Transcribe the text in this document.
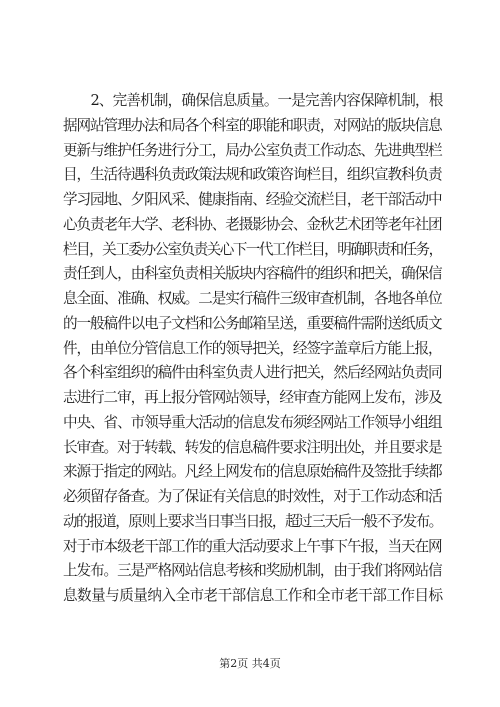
　　2、完善机制，确保信息质量。一是完善内容保障机制，根
据网站管理办法和局各个科室的职能和职责，对网站的版块信息
更新与维护任务进行分工，局办公室负责工作动态、先进典型栏
目，生活待遇科负责政策法规和政策咨询栏目，组织宣教科负责
学习园地、夕阳风采、健康指南、经验交流栏目，老干部活动中
心负责老年大学、老科协、老摄影协会、金秋艺术团等老年社团
栏目，关工委办公室负责关心下一代工作栏目，明确职责和任务，
责任到人，由科室负责相关版块内容稿件的组织和把关，确保信
息全面、准确、权威。二是实行稿件三级审查机制，各地各单位
的一般稿件以电子文档和公务邮箱呈送，重要稿件需附送纸质文
件，由单位分管信息工作的领导把关，经签字盖章后方能上报，
各个科室组织的稿件由科室负责人进行把关，然后经网站负责同
志进行二审，再上报分管网站领导，经审查方能网上发布，涉及
中央、省、市领导重大活动的信息发布须经网站工作领导小组组
长审查。对于转载、转发的信息稿件要求注明出处，并且要求是
来源于指定的网站。凡经上网发布的信息原始稿件及签批手续都
必须留存备查。为了保证有关信息的时效性，对于工作动态和活
动的报道，原则上要求当日事当日报，超过三天后一般不予发布。
对于市本级老干部工作的重大活动要求上午事下午报，当天在网
上发布。三是严格网站信息考核和奖励机制，由于我们将网站信
息数量与质量纳入全市老干部信息工作和全市老干部工作目标
第2页 共4页
